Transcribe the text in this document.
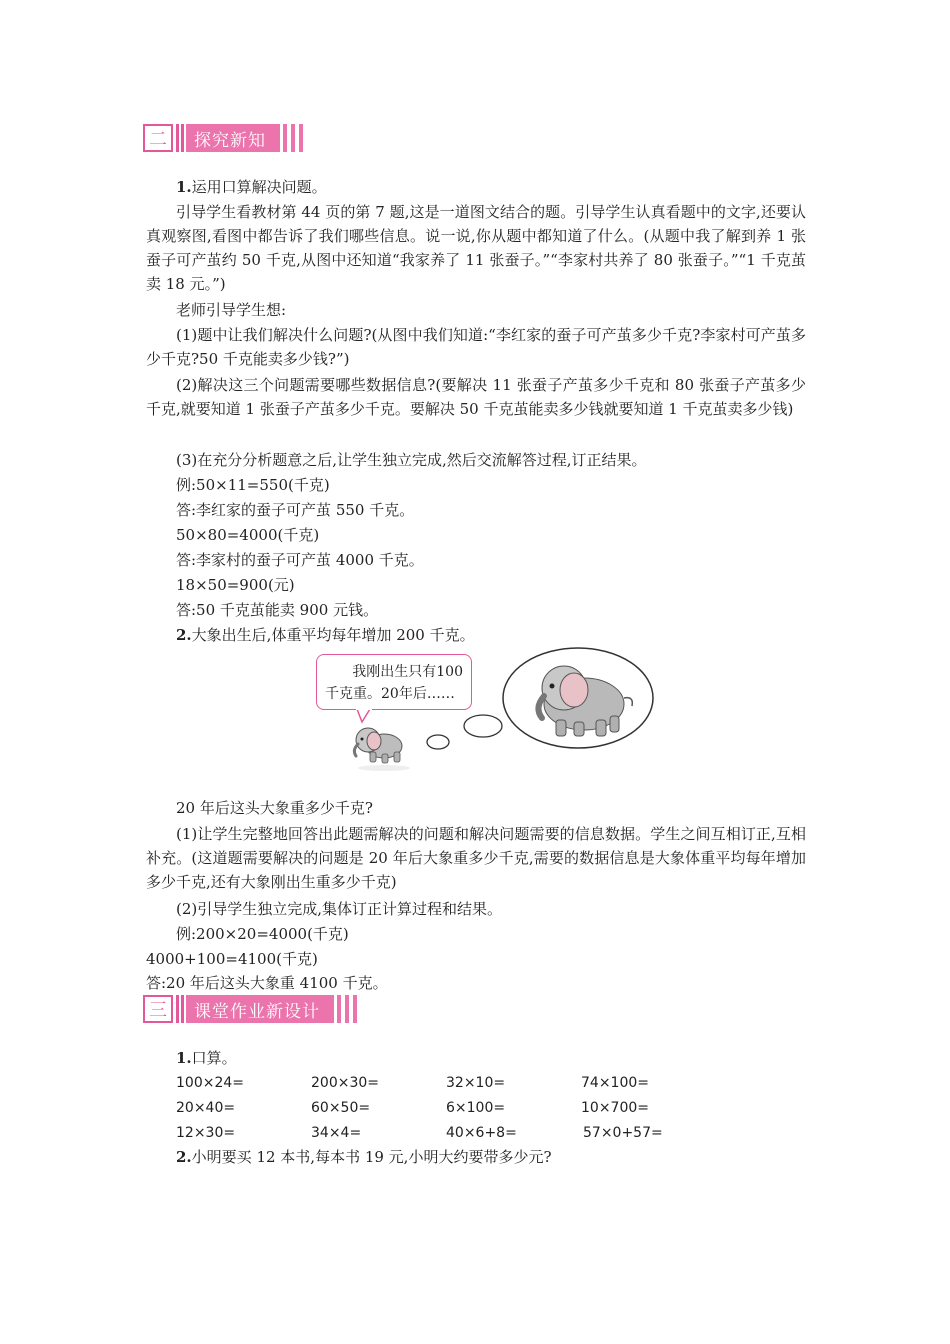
二	探究新知
1.运用口算解决问题。
引导学生看教材第 44 页的第 7 题,这是一道图文结合的题。引导学生认真看题中的文字,还要认真观察图,看图中都告诉了我们哪些信息。说一说,你从题中都知道了什么。(从题中我了解到养 1 张蚕子可产茧约 50 千克,从图中还知道“我家养了 11 张蚕子。”“李家村共养了 80 张蚕子。”“1 千克茧卖 18 元。”)
老师引导学生想:
(1)题中让我们解决什么问题?(从图中我们知道:“李红家的蚕子可产茧多少千克?李家村可产茧多少千克?50 千克能卖多少钱?”)
(2)解决这三个问题需要哪些数据信息?(要解决 11 张蚕子产茧多少千克和 80 张蚕子产茧多少千克,就要知道 1 张蚕子产茧多少千克。要解决 50 千克茧能卖多少钱就要知道 1 千克茧卖多少钱)
(3)在充分分析题意之后,让学生独立完成,然后交流解答过程,订正结果。
例:50×11=550(千克)
答:李红家的蚕子可产茧 550 千克。
50×80=4000(千克)
答:李家村的蚕子可产茧 4000 千克。
18×50=900(元)
答:50 千克茧能卖 900 元钱。
2.大象出生后,体重平均每年增加 200 千克。
我刚出生只有100
千克重。20年后……
20 年后这头大象重多少千克?
(1)让学生完整地回答出此题需解决的问题和解决问题需要的信息数据。学生之间互相订正,互相补充。(这道题需要解决的问题是 20 年后大象重多少千克,需要的数据信息是大象体重平均每年增加多少千克,还有大象刚出生重多少千克)
(2)引导学生独立完成,集体订正计算过程和结果。
例:200×20=4000(千克)
4000+100=4100(千克)
答:20 年后这头大象重 4100 千克。
三	课堂作业新设计
1.口算。
100×24=	200×30=	32×10=	74×100=
20×40=	60×50=	6×100=	10×700=
12×30=	34×4=	40×6+8=	57×0+57=
2.小明要买 12 本书,每本书 19 元,小明大约要带多少元?
